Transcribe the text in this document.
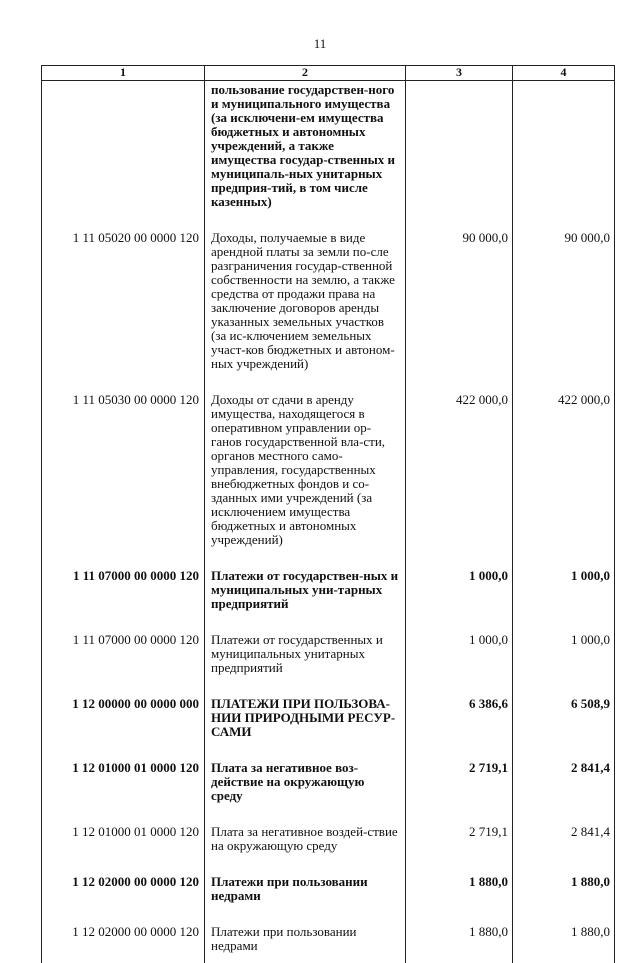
11
1	2	3	4
	пользование государствен-ного и муниципального имущества (за исключени-ем имущества бюджетных и автономных учреждений, а также имущества государ-ственных и муниципаль-ных унитарных предприя-тий, в том числе казенных)		
1 11 05020 00 0000 120	Доходы, получаемые в виде арендной платы за земли по-сле разграничения государ-ственной собственности на землю, а также средства от продажи права на заключение договоров аренды указанных земельных участков (за ис-ключением земельных участ-ков бюджетных и автоном-ных учреждений)	90 000,0	90 000,0
1 11 05030 00 0000 120	Доходы от сдачи в аренду имущества, находящегося в оперативном управлении ор-ганов государственной вла-сти, органов местного само-управления, государственных внебюджетных фондов и со-зданных ими учреждений (за исключением имущества бюджетных и автономных учреждений)	422 000,0	422 000,0
1 11 07000 00 0000 120	Платежи от государствен-ных и муниципальных уни-тарных предприятий	1 000,0	1 000,0
1 11 07000 00 0000 120	Платежи от государственных и муниципальных унитарных предприятий	1 000,0	1 000,0
1 12 00000 00 0000 000	ПЛАТЕЖИ ПРИ ПОЛЬЗОВА-НИИ ПРИРОДНЫМИ РЕСУР-САМИ	6 386,6	6 508,9
1 12 01000 01 0000 120	Плата за негативное воз-действие на окружающую среду	2 719,1	2 841,4
1 12 01000 01 0000 120	Плата за негативное воздей-ствие на окружающую среду	2 719,1	2 841,4
1 12 02000 00 0000 120	Платежи при пользовании недрами	1 880,0	1 880,0
1 12 02000 00 0000 120	Платежи при пользовании недрами	1 880,0	1 880,0
